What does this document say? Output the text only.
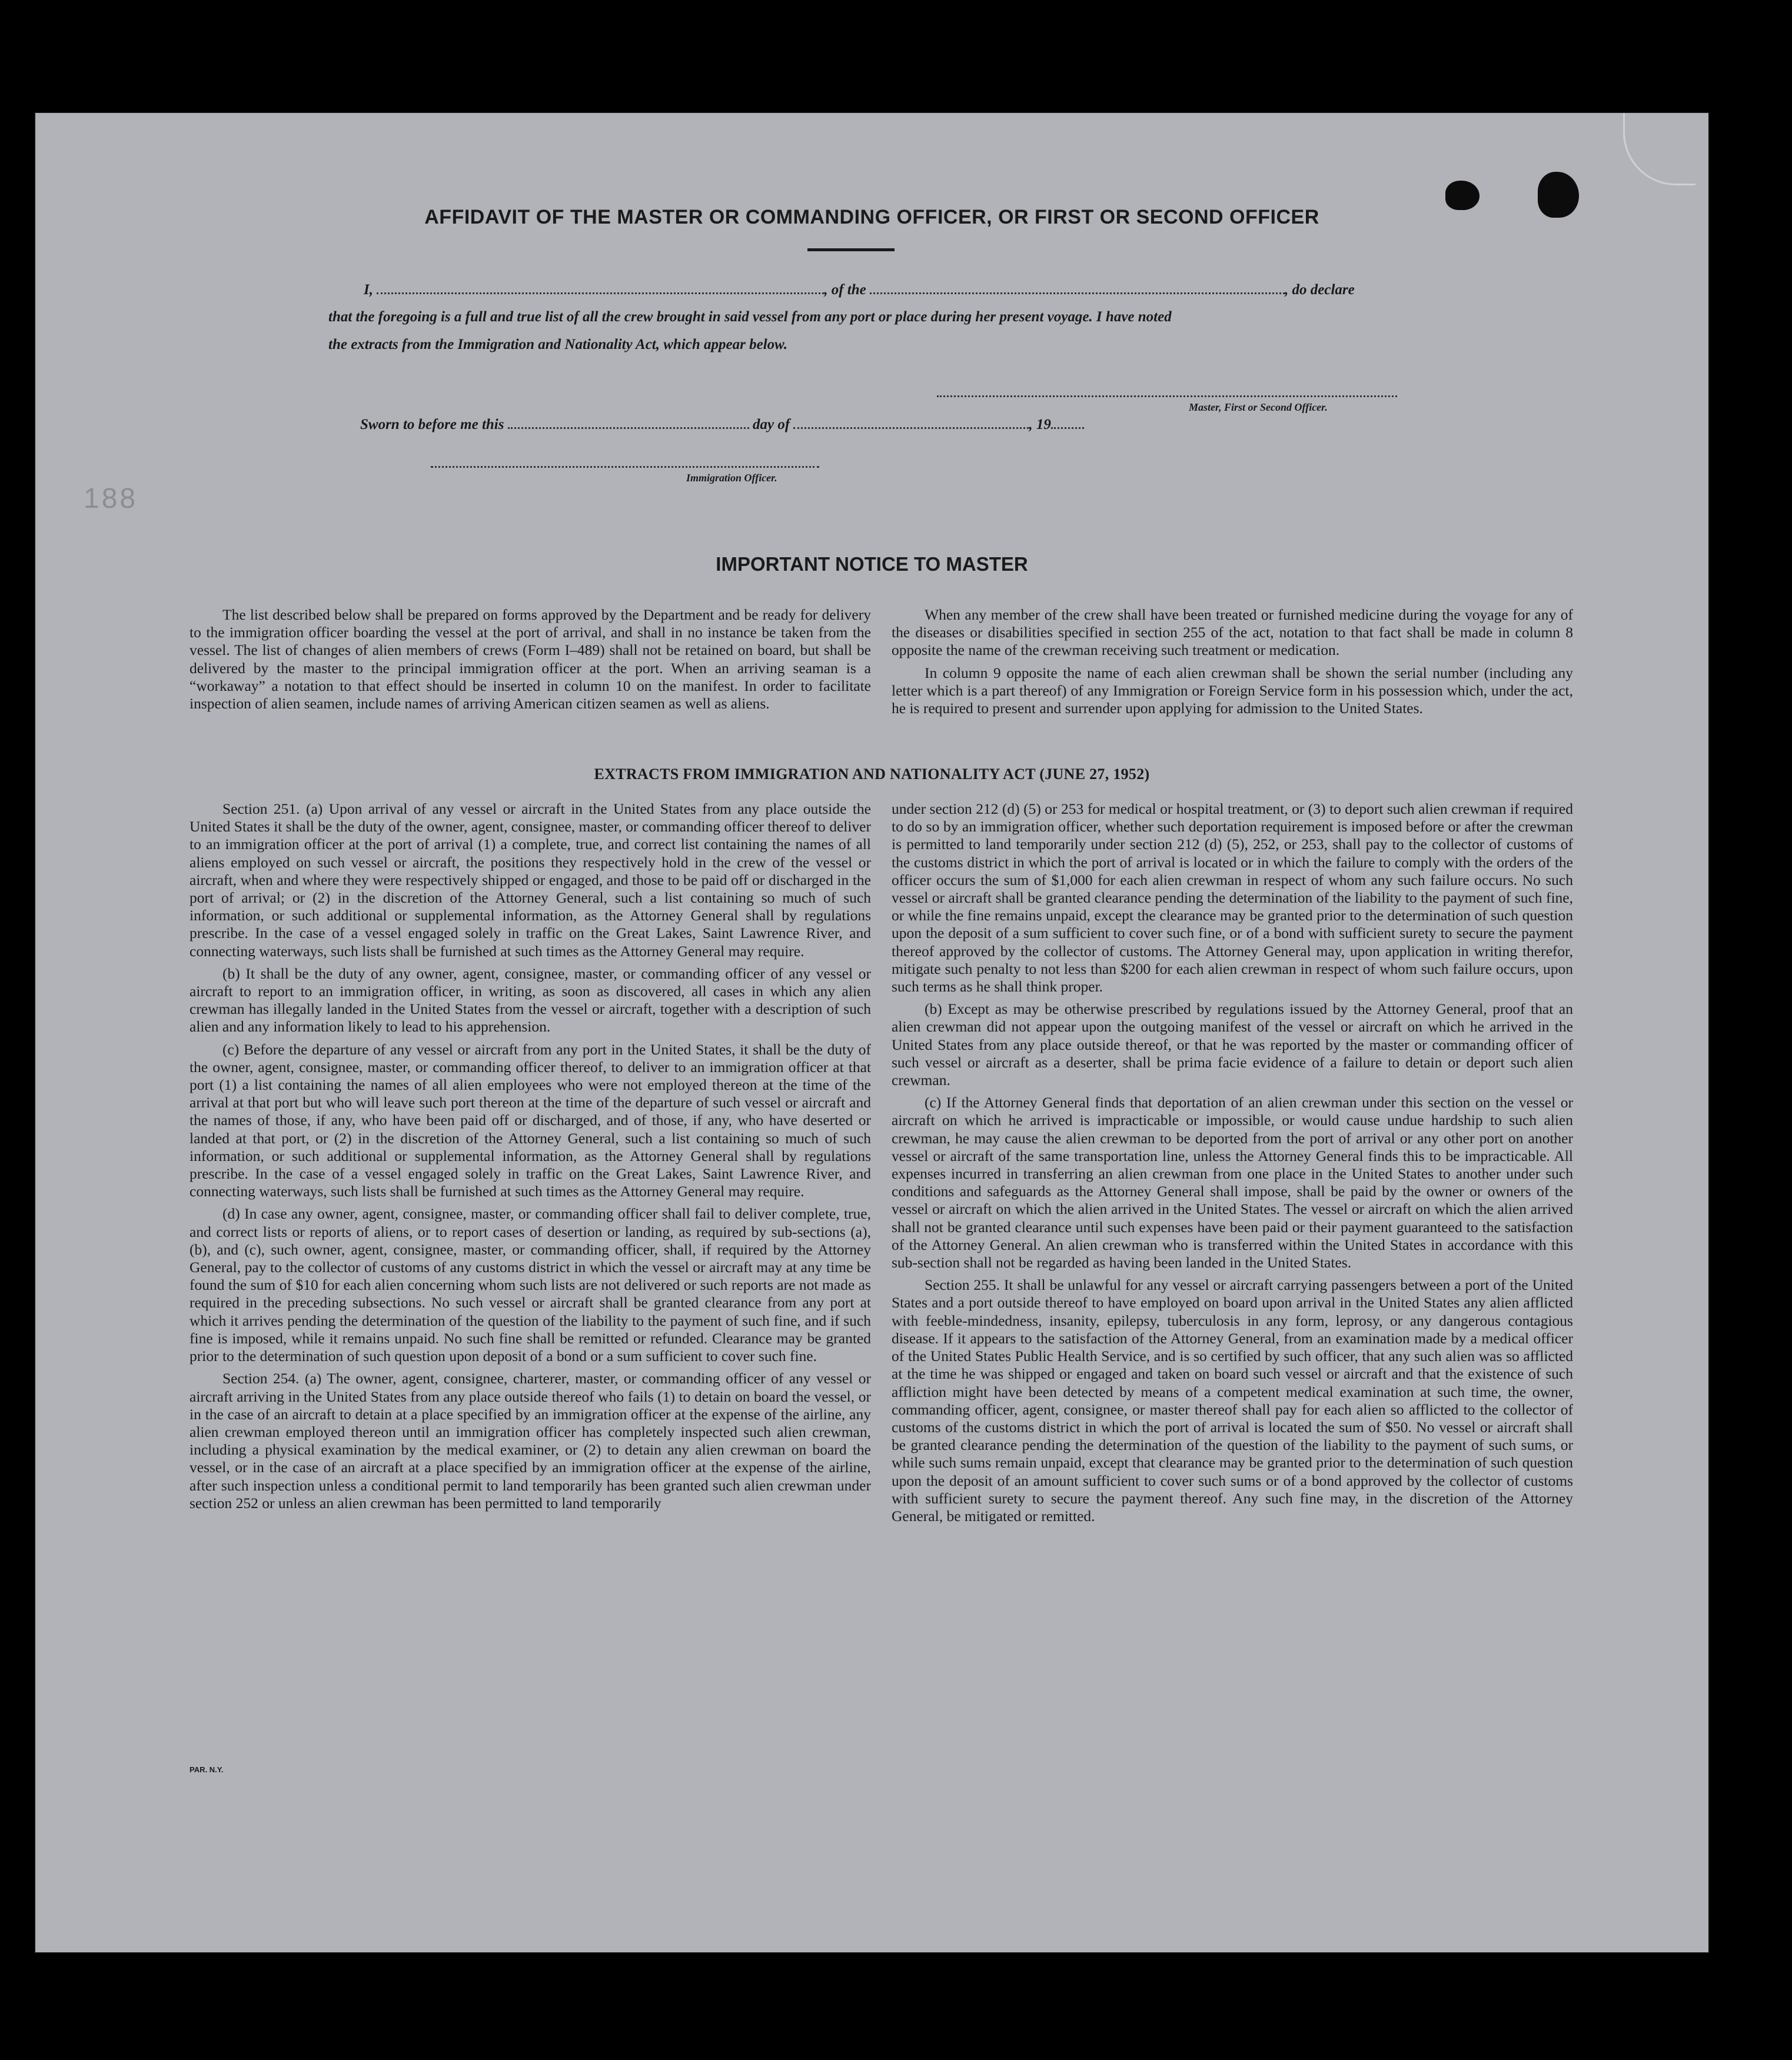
AFFIDAVIT OF THE MASTER OR COMMANDING OFFICER, OR FIRST OR SECOND OFFICER
I,	, of the	, do declare
that the foregoing is a full and true list of all the crew brought in said vessel from any port or place during her present voyage. I have noted
the extracts from the Immigration and Nationality Act, which appear below.
Master, First or Second Officer.
Sworn to before me this	day of	, 19
Immigration Officer.
188
IMPORTANT NOTICE TO MASTER

The list described below shall be prepared on forms approved by the Department and be ready for delivery to the immigration officer boarding the vessel at the port of arrival, and shall in no instance be taken from the vessel. The list of changes of alien members of crews (Form I–489) shall not be retained on board, but shall be delivered by the master to the principal immigration officer at the port. When an arriving seaman is a “workaway” a notation to that effect should be inserted in column 10 on the manifest. In order to facilitate inspection of alien seamen, include names of arriving American citizen seamen as well as aliens.

When any member of the crew shall have been treated or furnished medicine during the voyage for any of the diseases or disabilities specified in section 255 of the act, notation to that fact shall be made in column 8 opposite the name of the crewman receiving such treatment or medication.

In column 9 opposite the name of each alien crewman shall be shown the serial number (including any letter which is a part thereof) of any Immigration or Foreign Service form in his possession which, under the act, he is required to present and surrender upon applying for admission to the United States.

EXTRACTS FROM IMMIGRATION AND NATIONALITY ACT (JUNE 27, 1952)

Section 251. (a) Upon arrival of any vessel or aircraft in the United States from any place outside the United States it shall be the duty of the owner, agent, consignee, master, or commanding officer thereof to deliver to an immigration officer at the port of arrival (1) a complete, true, and correct list containing the names of all aliens employed on such vessel or aircraft, the positions they respectively hold in the crew of the vessel or aircraft, when and where they were respectively shipped or engaged, and those to be paid off or discharged in the port of arrival; or (2) in the discretion of the Attorney General, such a list containing so much of such information, or such additional or supplemental information, as the Attorney General shall by regulations prescribe. In the case of a vessel engaged solely in traffic on the Great Lakes, Saint Lawrence River, and connecting waterways, such lists shall be furnished at such times as the Attorney General may require.

(b) It shall be the duty of any owner, agent, consignee, master, or commanding officer of any vessel or aircraft to report to an immigration officer, in writing, as soon as discovered, all cases in which any alien crewman has illegally landed in the United States from the vessel or aircraft, together with a description of such alien and any information likely to lead to his apprehension.

(c) Before the departure of any vessel or aircraft from any port in the United States, it shall be the duty of the owner, agent, consignee, master, or commanding officer thereof, to deliver to an immigration officer at that port (1) a list containing the names of all alien employees who were not employed thereon at the time of the arrival at that port but who will leave such port thereon at the time of the departure of such vessel or aircraft and the names of those, if any, who have been paid off or discharged, and of those, if any, who have deserted or landed at that port, or (2) in the discretion of the Attorney General, such a list containing so much of such information, or such additional or supplemental information, as the Attorney General shall by regulations prescribe. In the case of a vessel engaged solely in traffic on the Great Lakes, Saint Lawrence River, and connecting waterways, such lists shall be furnished at such times as the Attorney General may require.

(d) In case any owner, agent, consignee, master, or commanding officer shall fail to deliver complete, true, and correct lists or reports of aliens, or to report cases of desertion or landing, as required by sub-sections (a), (b), and (c), such owner, agent, consignee, master, or commanding officer, shall, if required by the Attorney General, pay to the collector of customs of any customs district in which the vessel or aircraft may at any time be found the sum of $10 for each alien concerning whom such lists are not delivered or such reports are not made as required in the preceding subsections. No such vessel or aircraft shall be granted clearance from any port at which it arrives pending the determination of the question of the liability to the payment of such fine, and if such fine is imposed, while it remains unpaid. No such fine shall be remitted or refunded. Clearance may be granted prior to the determination of such question upon deposit of a bond or a sum sufficient to cover such fine.

Section 254. (a) The owner, agent, consignee, charterer, master, or commanding officer of any vessel or aircraft arriving in the United States from any place outside thereof who fails (1) to detain on board the vessel, or in the case of an aircraft to detain at a place specified by an immigration officer at the expense of the airline, any alien crewman employed thereon until an immigration officer has completely inspected such alien crewman, including a physical examination by the medical examiner, or (2) to detain any alien crewman on board the vessel, or in the case of an aircraft at a place specified by an immigration officer at the expense of the airline, after such inspection unless a conditional permit to land temporarily has been granted such alien crewman under section 252 or unless an alien crewman has been permitted to land temporarily

under section 212 (d) (5) or 253 for medical or hospital treatment, or (3) to deport such alien crewman if required to do so by an immigration officer, whether such deportation requirement is imposed before or after the crewman is permitted to land temporarily under section 212 (d) (5), 252, or 253, shall pay to the collector of customs of the customs district in which the port of arrival is located or in which the failure to comply with the orders of the officer occurs the sum of $1,000 for each alien crewman in respect of whom any such failure occurs. No such vessel or aircraft shall be granted clearance pending the determination of the liability to the payment of such fine, or while the fine remains unpaid, except the clearance may be granted prior to the determination of such question upon the deposit of a sum sufficient to cover such fine, or of a bond with sufficient surety to secure the payment thereof approved by the collector of customs. The Attorney General may, upon application in writing therefor, mitigate such penalty to not less than $200 for each alien crewman in respect of whom such failure occurs, upon such terms as he shall think proper.

(b) Except as may be otherwise prescribed by regulations issued by the Attorney General, proof that an alien crewman did not appear upon the outgoing manifest of the vessel or aircraft on which he arrived in the United States from any place outside thereof, or that he was reported by the master or commanding officer of such vessel or aircraft as a deserter, shall be prima facie evidence of a failure to detain or deport such alien crewman.

(c) If the Attorney General finds that deportation of an alien crewman under this section on the vessel or aircraft on which he arrived is impracticable or impossible, or would cause undue hardship to such alien crewman, he may cause the alien crewman to be deported from the port of arrival or any other port on another vessel or aircraft of the same transportation line, unless the Attorney General finds this to be impracticable. All expenses incurred in transferring an alien crewman from one place in the United States to another under such conditions and safeguards as the Attorney General shall impose, shall be paid by the owner or owners of the vessel or aircraft on which the alien arrived in the United States. The vessel or aircraft on which the alien arrived shall not be granted clearance until such expenses have been paid or their payment guaranteed to the satisfaction of the Attorney General. An alien crewman who is transferred within the United States in accordance with this sub-section shall not be regarded as having been landed in the United States.

Section 255. It shall be unlawful for any vessel or aircraft carrying passengers between a port of the United States and a port outside thereof to have employed on board upon arrival in the United States any alien afflicted with feeble-mindedness, insanity, epilepsy, tuberculosis in any form, leprosy, or any dangerous contagious disease. If it appears to the satisfaction of the Attorney General, from an examination made by a medical officer of the United States Public Health Service, and is so certified by such officer, that any such alien was so afflicted at the time he was shipped or engaged and taken on board such vessel or aircraft and that the existence of such affliction might have been detected by means of a competent medical examination at such time, the owner, commanding officer, agent, consignee, or master thereof shall pay for each alien so afflicted to the collector of customs of the customs district in which the port of arrival is located the sum of $50. No vessel or aircraft shall be granted clearance pending the determination of the question of the liability to the payment of such sums, or while such sums remain unpaid, except that clearance may be granted prior to the determination of such question upon the deposit of an amount sufficient to cover such sums or of a bond approved by the collector of customs with sufficient surety to secure the payment thereof. Any such fine may, in the discretion of the Attorney General, be mitigated or remitted.

PAR. N.Y.
